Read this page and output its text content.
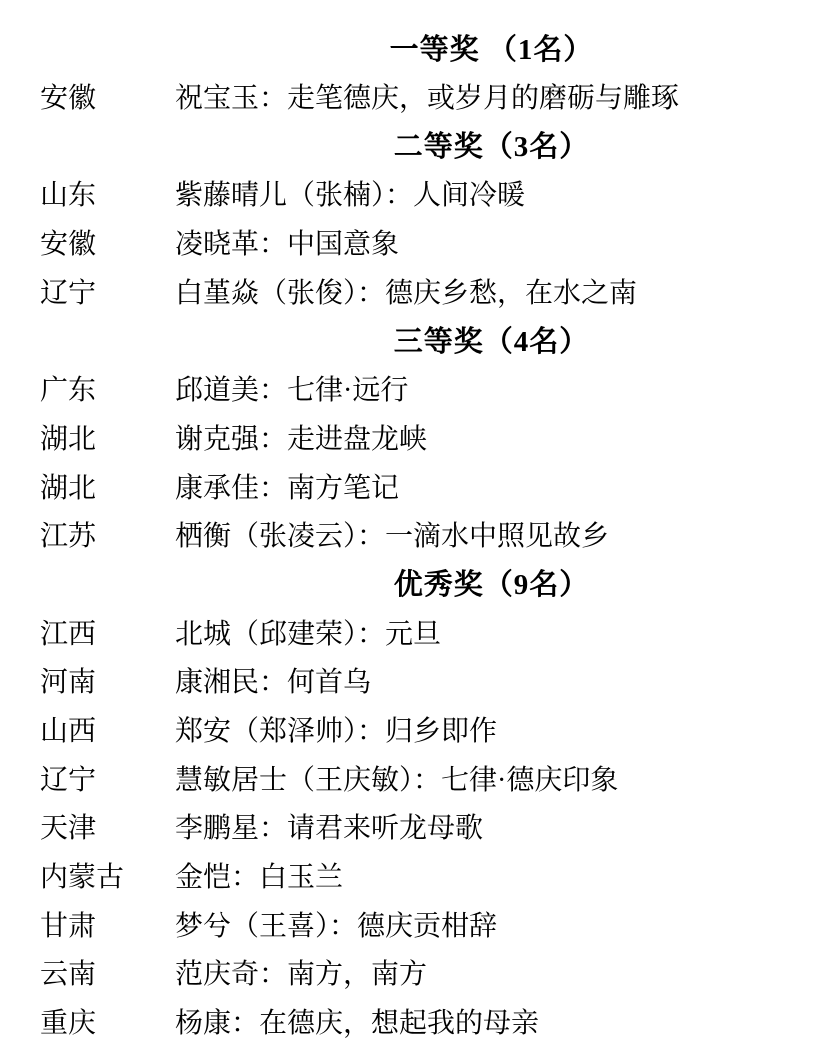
一等奖 （1名）
安徽	祝宝玉：走笔德庆，或岁月的磨砺与雕琢
二等奖（3名）
山东	紫藤晴儿（张楠）：人间冷暖
安徽	凌晓革：中国意象
辽宁	白堇焱（张俊）：德庆乡愁，在水之南
三等奖（4名）
广东	邱道美：七律·远行
湖北	谢克强：走进盘龙峡
湖北	康承佳：南方笔记
江苏	栖衡（张凌云）：一滴水中照见故乡
优秀奖（9名）
江西	北城（邱建荣）：元旦
河南	康湘民：何首乌
山西	郑安（郑泽帅）：归乡即作
辽宁	慧敏居士（王庆敏）：七律·德庆印象
天津	李鹏星：请君来听龙母歌
内蒙古	金恺：白玉兰
甘肃	梦兮（王喜）：德庆贡柑辞
云南	范庆奇：南方，南方
重庆	杨康：在德庆，想起我的母亲
